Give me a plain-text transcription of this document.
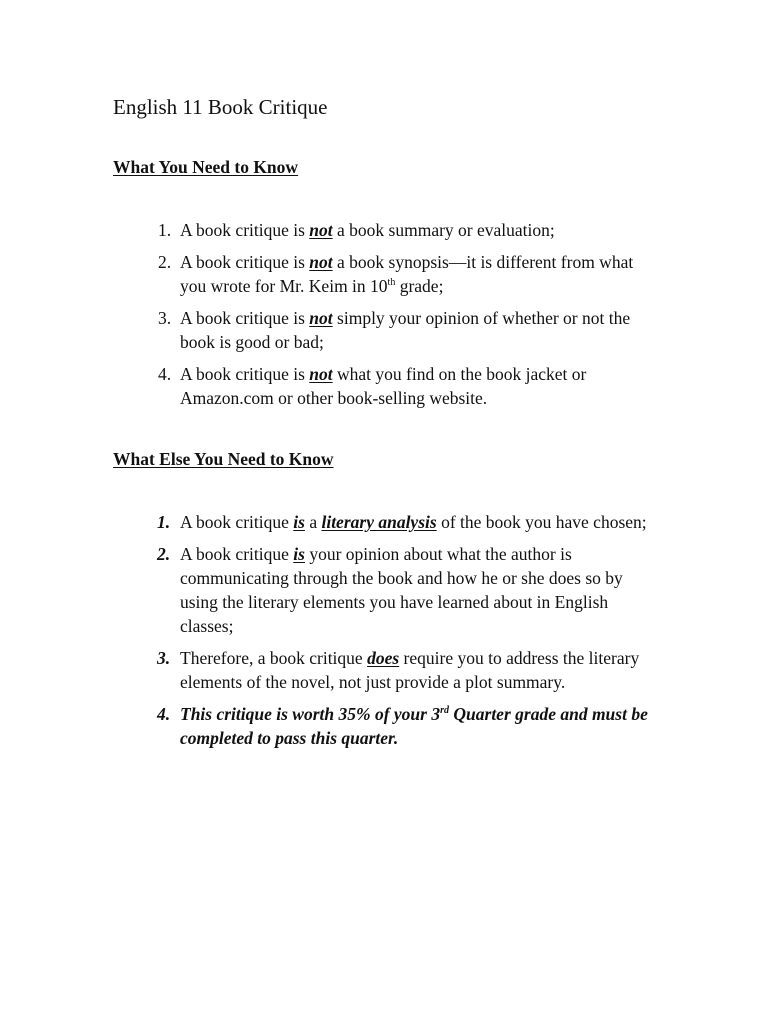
English 11 Book Critique
What You Need to Know
1. A book critique is not a book summary or evaluation;
2. A book critique is not a book synopsis—it is different from what you wrote for Mr. Keim in 10th grade;
3. A book critique is not simply your opinion of whether or not the book is good or bad;
4. A book critique is not what you find on the book jacket or Amazon.com or other book-selling website.
What Else You Need to Know
1. A book critique is a literary analysis of the book you have chosen;
2. A book critique is your opinion about what the author is communicating through the book and how he or she does so by using the literary elements you have learned about in English classes;
3. Therefore, a book critique does require you to address the literary elements of the novel, not just provide a plot summary.
4. This critique is worth 35% of your 3rd Quarter grade and must be completed to pass this quarter.
